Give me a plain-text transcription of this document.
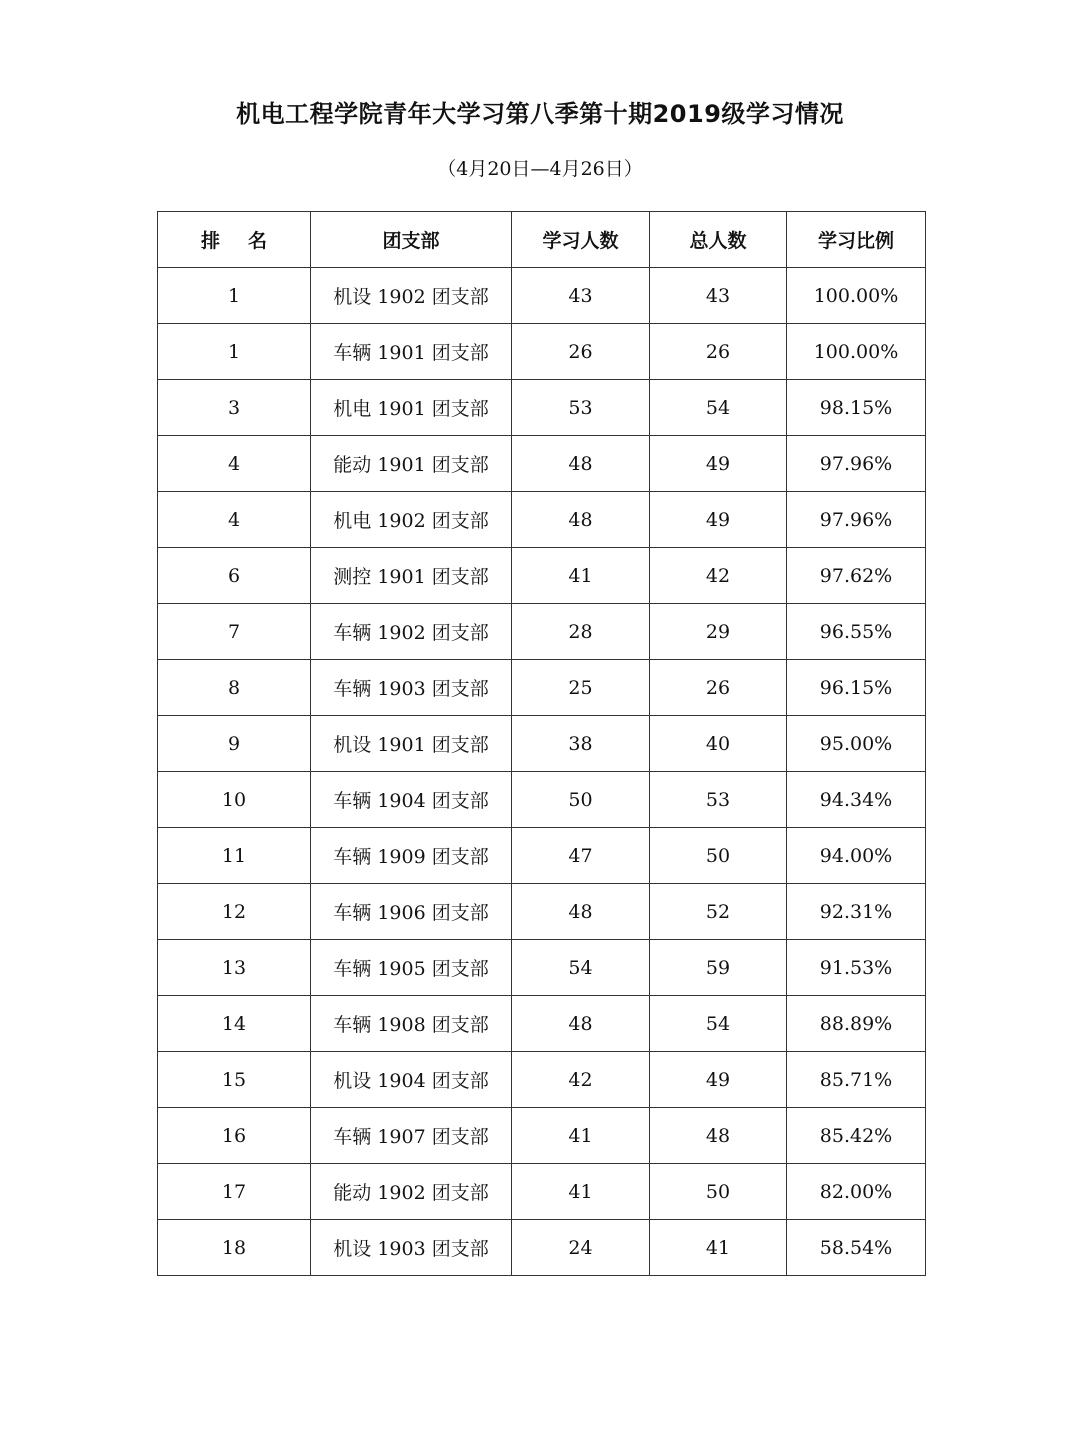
机电工程学院青年大学习第八季第十期2019级学习情况
（4月20日—4月26日）
排 名	团支部	学习人数	总人数	学习比例
1	机设 1902 团支部	43	43	100.00%
1	车辆 1901 团支部	26	26	100.00%
3	机电 1901 团支部	53	54	98.15%
4	能动 1901 团支部	48	49	97.96%
4	机电 1902 团支部	48	49	97.96%
6	测控 1901 团支部	41	42	97.62%
7	车辆 1902 团支部	28	29	96.55%
8	车辆 1903 团支部	25	26	96.15%
9	机设 1901 团支部	38	40	95.00%
10	车辆 1904 团支部	50	53	94.34%
11	车辆 1909 团支部	47	50	94.00%
12	车辆 1906 团支部	48	52	92.31%
13	车辆 1905 团支部	54	59	91.53%
14	车辆 1908 团支部	48	54	88.89%
15	机设 1904 团支部	42	49	85.71%
16	车辆 1907 团支部	41	48	85.42%
17	能动 1902 团支部	41	50	82.00%
18	机设 1903 团支部	24	41	58.54%
